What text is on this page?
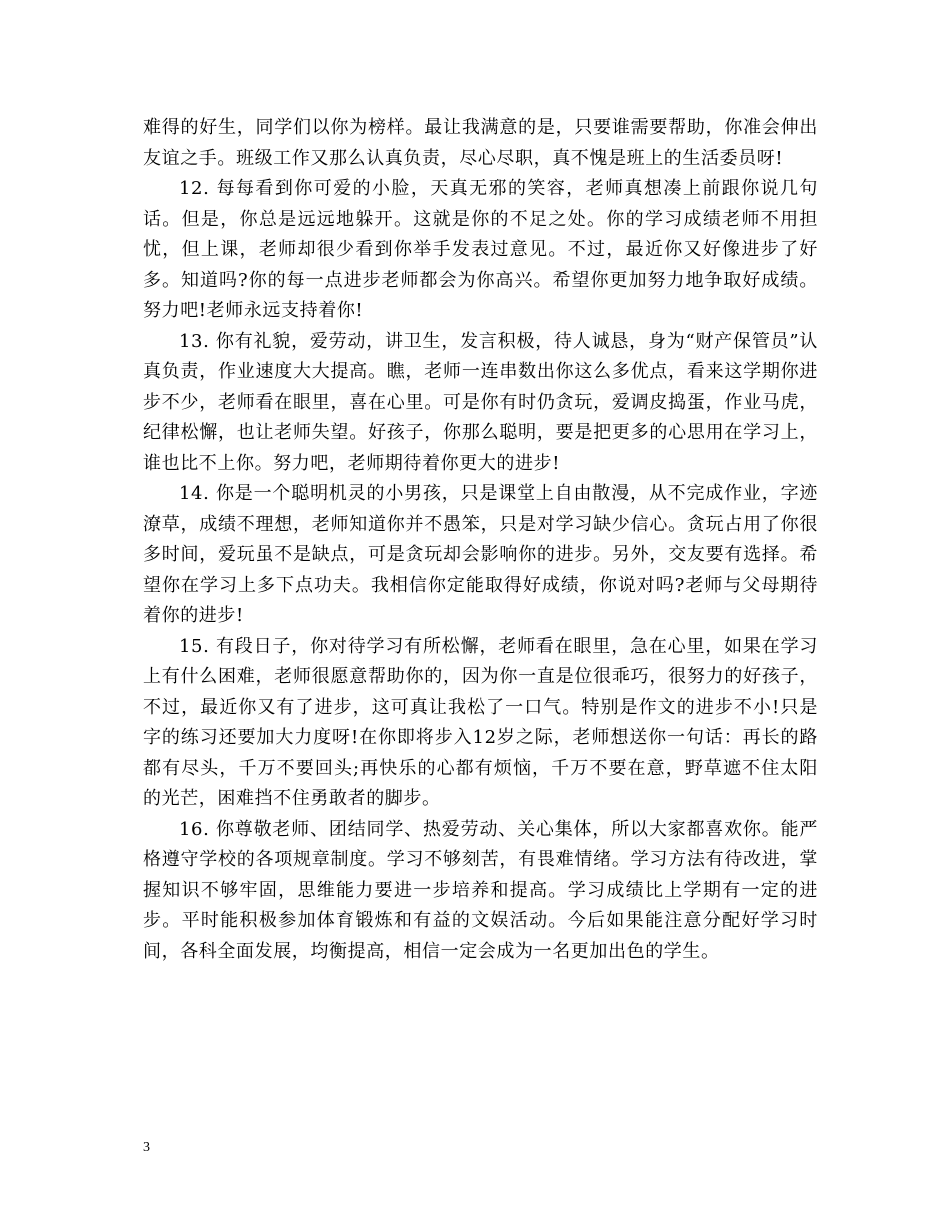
难得的好生，同学们以你为榜样。最让我满意的是，只要谁需要帮助，你准会伸出友谊之手。班级工作又那么认真负责，尽心尽职，真不愧是班上的生活委员呀!

12. 每每看到你可爱的小脸，天真无邪的笑容，老师真想凑上前跟你说几句话。但是，你总是远远地躲开。这就是你的不足之处。你的学习成绩老师不用担忧，但上课，老师却很少看到你举手发表过意见。不过，最近你又好像进步了好多。知道吗?你的每一点进步老师都会为你高兴。希望你更加努力地争取好成绩。努力吧!老师永远支持着你!

13. 你有礼貌，爱劳动，讲卫生，发言积极，待人诚恳，身为“财产保管员”认真负责，作业速度大大提高。瞧，老师一连串数出你这么多优点，看来这学期你进步不少，老师看在眼里，喜在心里。可是你有时仍贪玩，爱调皮捣蛋，作业马虎，纪律松懈，也让老师失望。好孩子，你那么聪明，要是把更多的心思用在学习上，谁也比不上你。努力吧，老师期待着你更大的进步!

14. 你是一个聪明机灵的小男孩，只是课堂上自由散漫，从不完成作业，字迹潦草，成绩不理想，老师知道你并不愚笨，只是对学习缺少信心。贪玩占用了你很多时间，爱玩虽不是缺点，可是贪玩却会影响你的进步。另外，交友要有选择。希望你在学习上多下点功夫。我相信你定能取得好成绩，你说对吗?老师与父母期待着你的进步!

15. 有段日子，你对待学习有所松懈，老师看在眼里，急在心里，如果在学习上有什么困难，老师很愿意帮助你的，因为你一直是位很乖巧，很努力的好孩子，不过，最近你又有了进步，这可真让我松了一口气。特别是作文的进步不小!只是字的练习还要加大力度呀!在你即将步入12岁之际，老师想送你一句话：再长的路都有尽头，千万不要回头;再快乐的心都有烦恼，千万不要在意，野草遮不住太阳的光芒，困难挡不住勇敢者的脚步。

16. 你尊敬老师、团结同学、热爱劳动、关心集体，所以大家都喜欢你。能严格遵守学校的各项规章制度。学习不够刻苦，有畏难情绪。学习方法有待改进，掌握知识不够牢固，思维能力要进一步培养和提高。学习成绩比上学期有一定的进步。平时能积极参加体育锻炼和有益的文娱活动。今后如果能注意分配好学习时间，各科全面发展，均衡提高，相信一定会成为一名更加出色的学生。

3
